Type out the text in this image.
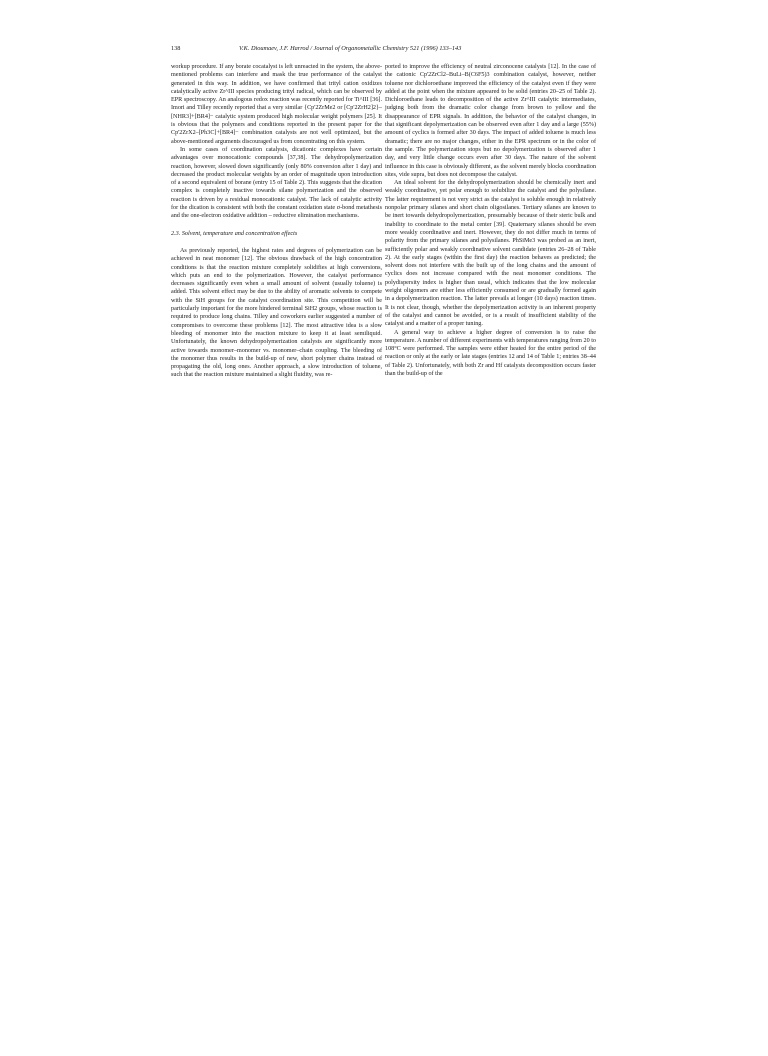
138	V.K. Dioumaev, J.F. Harrod / Journal of Organometallic Chemistry 521 (1996) 133–143

workup procedure. If any borate cocatalyst is left unreacted in the system, the above-mentioned problems can interfere and mask the true performance of the catalyst generated in this way. In addition, we have confirmed that trityl cation oxidizes catalytically active Zr^III species producing trityl radical, which can be observed by EPR spectroscopy. An analogous redox reaction was recently reported for Ti^III [36]. Imori and Tilley recently reported that a very similar {Cp'2ZrMe2 or [Cp'2ZrH2]2}–[NHR3]+[BR4]− catalytic system produced high molecular weight polymers [25]. It is obvious that the polymers and conditions reported in the present paper for the Cp'2ZrX2–[Ph3C]+[BR4]− combination catalysts are not well optimized, but the above-mentioned arguments discouraged us from concentrating on this system.

In some cases of coordination catalysis, dicationic complexes have certain advantages over monocationic compounds [37,38]. The dehydropolymerization reaction, however, slowed down significantly (only 80% conversion after 1 day) and decreased the product molecular weights by an order of magnitude upon introduction of a second equivalent of borane (entry 15 of Table 2). This suggests that the dication complex is completely inactive towards silane polymerization and the observed reaction is driven by a residual monocationic catalyst. The lack of catalytic activity for the dication is consistent with both the constant oxidation state σ-bond metathesis and the one-electron oxidative addition – reductive elimination mechanisms.

2.3. Solvent, temperature and concentration effects

As previously reported, the highest rates and degrees of polymerization can be achieved in neat monomer [12]. The obvious drawback of the high concentration conditions is that the reaction mixture completely solidifies at high conversions, which puts an end to the polymerization. However, the catalyst performance decreases significantly even when a small amount of solvent (usually toluene) is added. This solvent effect may be due to the ability of aromatic solvents to compete with the SiH groups for the catalyst coordination site. This competition will be particularly important for the more hindered terminal SiH2 groups, whose reaction is required to produce long chains. Tilley and coworkers earlier suggested a number of compromises to overcome these problems [12]. The most attractive idea is a slow bleeding of monomer into the reaction mixture to keep it at least semiliquid. Unfortunately, the known dehydropolymerization catalysts are significantly more active towards monomer–monomer vs. monomer–chain coupling. The bleeding of the monomer thus results in the build-up of new, short polymer chains instead of propagating the old, long ones. Another approach, a slow introduction of toluene, such that the reaction mixture maintained a slight fluidity, was re-

ported to improve the efficiency of neutral zirconocene catalysts [12]. In the case of the cationic Cp'2ZrCl2–BuLi–B(C6F5)3 combination catalyst, however, neither toluene nor dichloroethane improved the efficiency of the catalyst even if they were added at the point when the mixture appeared to be solid (entries 20–25 of Table 2). Dichloroethane leads to decomposition of the active Zr^III catalytic intermediates, judging both from the dramatic color change from brown to yellow and the disappearance of EPR signals. In addition, the behavior of the catalyst changes, in that significant depolymerization can be observed even after 1 day and a large (55%) amount of cyclics is formed after 30 days. The impact of added toluene is much less dramatic; there are no major changes, either in the EPR spectrum or in the color of the sample. The polymerization stops but no depolymerization is observed after 1 day, and very little change occurs even after 30 days. The nature of the solvent influence in this case is obviously different, as the solvent merely blocks coordination sites, vide supra, but does not decompose the catalyst.

An ideal solvent for the dehydropolymerization should be chemically inert and weakly coordinative, yet polar enough to solubilize the catalyst and the polysilane. The latter requirement is not very strict as the catalyst is soluble enough in relatively nonpolar primary silanes and short chain oligosilanes. Tertiary silanes are known to be inert towards dehydropolymerization, presumably because of their steric bulk and inability to coordinate to the metal center [39]. Quaternary silanes should be even more weakly coordinative and inert. However, they do not differ much in terms of polarity from the primary silanes and polysilanes. PhSiMe3 was probed as an inert, sufficiently polar and weakly coordinative solvent candidate (entries 26–28 of Table 2). At the early stages (within the first day) the reaction behaves as predicted; the solvent does not interfere with the built up of the long chains and the amount of cyclics does not increase compared with the neat monomer conditions. The polydispersity index is higher than usual, which indicates that the low molecular weight oligomers are either less efficiently consumed or are gradually formed again in a depolymerization reaction. The latter prevails at longer (10 days) reaction times. It is not clear, though, whether the depolymerization activity is an inherent property of the catalyst and cannot be avoided, or is a result of insufficient stability of the catalyst and a matter of a proper tuning.

A general way to achieve a higher degree of conversion is to raise the temperature. A number of different experiments with temperatures ranging from 20 to 108°C were performed. The samples were either heated for the entire period of the reaction or only at the early or late stages (entries 12 and 14 of Table 1; entries 38–44 of Table 2). Unfortunately, with both Zr and Hf catalysts decomposition occurs faster than the build-up of the
